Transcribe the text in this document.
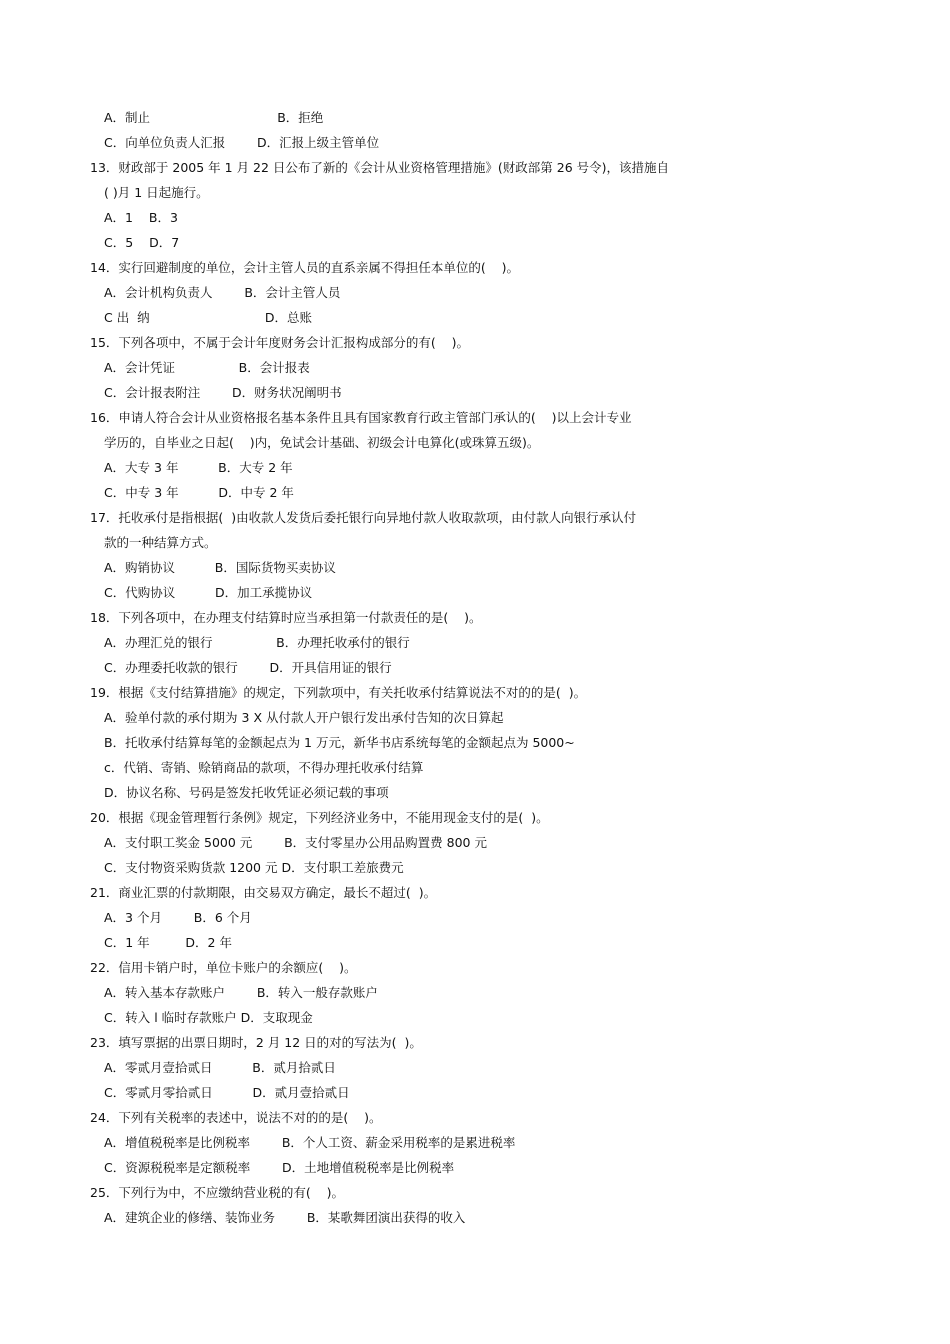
A．制止                                B．拒绝
C．向单位负责人汇报        D．汇报上级主管单位
13．财政部于 2005 年 1 月 22 日公布了新的《会计从业资格管理措施》(财政部第 26 号令)，该措施自
( )月 1 日起施行。
A．1    B．3
C．5    D．7
14．实行回避制度的单位，会计主管人员的直系亲属不得担任本单位的(    )。
A．会计机构负责人        B．会计主管人员
C 出  纳                             D．总账
15．下列各项中，不属于会计年度财务会计汇报构成部分的有(    )。
A．会计凭证                B．会计报表
C．会计报表附注        D．财务状况阐明书
16．申请人符合会计从业资格报名基本条件且具有国家教育行政主管部门承认的(    )以上会计专业
学历的，自毕业之日起(    )内，免试会计基础、初级会计电算化(或珠算五级)。
A．大专 3 年          B．大专 2 年
C．中专 3 年          D．中专 2 年
17．托收承付是指根据(  )由收款人发货后委托银行向异地付款人收取款项，由付款人向银行承认付
款的一种结算方式。
A．购销协议          B．国际货物买卖协议
C．代购协议          D．加工承揽协议
18．下列各项中，在办理支付结算时应当承担第一付款责任的是(    )。
A．办理汇兑的银行                B．办理托收承付的银行
C．办理委托收款的银行        D．开具信用证的银行
19．根据《支付结算措施》的规定，下列款项中，有关托收承付结算说法不对的的是(  )。
A．验单付款的承付期为 3 X 从付款人开户银行发出承付告知的次日算起
B．托收承付结算每笔的金额起点为 1 万元，新华书店系统每笔的金额起点为 5000~
c．代销、寄销、赊销商品的款项，不得办理托收承付结算
D．协议名称、号码是签发托收凭证必须记载的事项
20．根据《现金管理暂行条例》规定，下列经济业务中，不能用现金支付的是(  )。
A．支付职工奖金 5000 元        B．支付零星办公用品购置费 800 元
C．支付物资采购货款 1200 元 D．支付职工差旅费元
21．商业汇票的付款期限，由交易双方确定，最长不超过(  )。
A．3 个月        B．6 个月
C．1 年         D．2 年
22．信用卡销户时，单位卡账户的余额应(    )。
A．转入基本存款账户        B．转入一般存款账户
C．转入 l 临时存款账户 D．支取现金
23．填写票据的出票日期时，2 月 12 日的对的写法为(  )。
A．零贰月壹拾贰日          B．贰月拾贰日
C．零贰月零拾贰日          D．贰月壹拾贰日
24．下列有关税率的表述中，说法不对的的是(    )。
A．增值税税率是比例税率        B．个人工资、薪金采用税率的是累进税率
C．资源税税率是定额税率        D．土地增值税税率是比例税率
25．下列行为中，不应缴纳营业税的有(    )。
A．建筑企业的修缮、装饰业务        B．某歌舞团演出获得的收入
